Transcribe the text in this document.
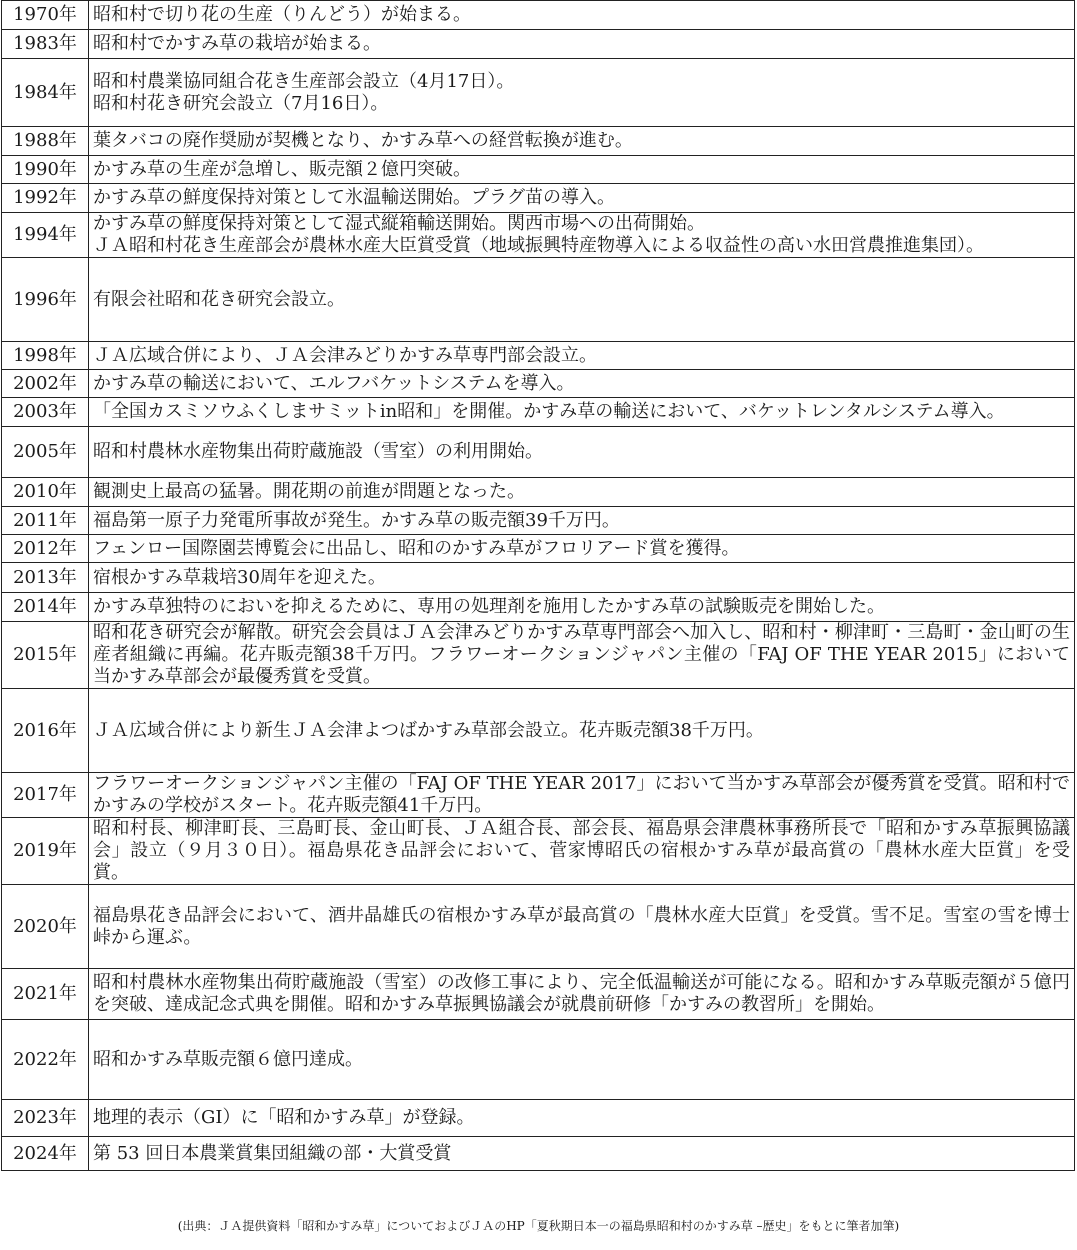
1970年	昭和村で切り花の生産（りんどう）が始まる。

1983年	昭和村でかすみ草の栽培が始まる。

1984年	昭和村農業協同組合花き生産部会設立（4月17日）。
昭和村花き研究会設立（7月16日）。

1988年	葉タバコの廃作奨励が契機となり、かすみ草への経営転換が進む。

1990年	かすみ草の生産が急増し、販売額２億円突破。

1992年	かすみ草の鮮度保持対策として氷温輸送開始。プラグ苗の導入。

1994年	かすみ草の鮮度保持対策として湿式縦箱輸送開始。関西市場への出荷開始。
ＪＡ昭和村花き生産部会が農林水産大臣賞受賞（地域振興特産物導入による収益性の高い水田営農推進集団）。

1996年	有限会社昭和花き研究会設立。

1998年	ＪＡ広域合併により、ＪＡ会津みどりかすみ草専門部会設立。

2002年	かすみ草の輸送において、エルフバケットシステムを導入。

2003年	「全国カスミソウふくしまサミットin昭和」を開催。かすみ草の輸送において、バケットレンタルシステム導入。

2005年	昭和村農林水産物集出荷貯蔵施設（雪室）の利用開始。

2010年	観測史上最高の猛暑。開花期の前進が問題となった。

2011年	福島第一原子力発電所事故が発生。かすみ草の販売額39千万円。

2012年	フェンロー国際園芸博覧会に出品し、昭和のかすみ草がフロリアード賞を獲得。

2013年	宿根かすみ草栽培30周年を迎えた。

2014年	かすみ草独特のにおいを抑えるために、専用の処理剤を施用したかすみ草の試験販売を開始した。

2015年	昭和花き研究会が解散。研究会会員はＪＡ会津みどりかすみ草専門部会へ加入し、昭和村・柳津町・三島町・金山町の生産者組織に再編。花卉販売額38千万円。フラワーオークションジャパン主催の「FAJ OF THE YEAR 2015」において当かすみ草部会が最優秀賞を受賞。

2016年	ＪＡ広域合併により新生ＪＡ会津よつばかすみ草部会設立。花卉販売額38千万円。

2017年	フラワーオークションジャパン主催の「FAJ OF THE YEAR 2017」において当かすみ草部会が優秀賞を受賞。昭和村でかすみの学校がスタート。花卉販売額41千万円。

2019年	昭和村長、柳津町長、三島町長、金山町長、ＪＡ組合長、部会長、福島県会津農林事務所長で「昭和かすみ草振興協議会」設立（９月３０日）。福島県花き品評会において、菅家博昭氏の宿根かすみ草が最高賞の「農林水産大臣賞」を受賞。

2020年	福島県花き品評会において、酒井晶雄氏の宿根かすみ草が最高賞の「農林水産大臣賞」を受賞。雪不足。雪室の雪を博士峠から運ぶ。

2021年	昭和村農林水産物集出荷貯蔵施設（雪室）の改修工事により、完全低温輸送が可能になる。昭和かすみ草販売額が５億円を突破、達成記念式典を開催。昭和かすみ草振興協議会が就農前研修「かすみの教習所」を開始。

2022年	昭和かすみ草販売額６億円達成。

2023年	地理的表示（GI）に「昭和かすみ草」が登録。

2024年	第 53 回日本農業賞集団組織の部・大賞受賞
(出典：ＪＡ提供資料「昭和かすみ草」についておよびＪＡのHP「夏秋期日本一の福島県昭和村のかすみ草 –歴史」をもとに筆者加筆)
